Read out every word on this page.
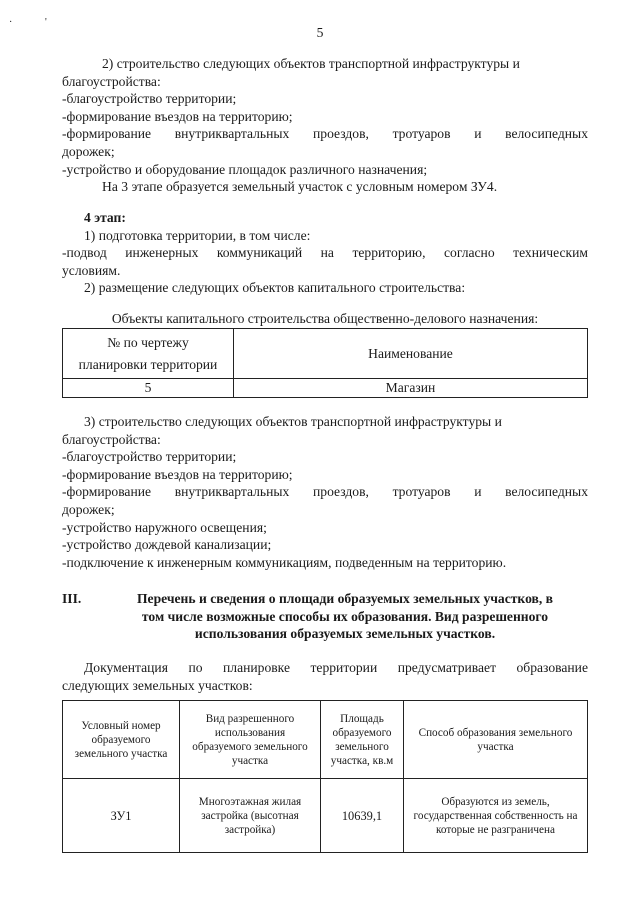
·	'
5
2) строительство следующих объектов транспортной инфраструктуры и
благоустройства:
-благоустройство территории;
-формирование въездов на территорию;
-формирование внутриквартальных проездов, тротуаров и велосипедных
дорожек;
-устройство и оборудование площадок различного назначения;
На 3 этапе образуется земельный участок с условным номером ЗУ4.
4 этап:
1) подготовка территории, в том числе:
-подвод инженерных коммуникаций на территорию, согласно техническим
условиям.
2) размещение следующих объектов капитального строительства:
Объекты капитального строительства общественно-делового назначения:
№ по чертежу
планировки территории	Наименование
5	Магазин
3) строительство следующих объектов транспортной инфраструктуры и
благоустройства:
-благоустройство территории;
-формирование въездов на территорию;
-формирование внутриквартальных проездов, тротуаров и велосипедных
дорожек;
-устройство наружного освещения;
-устройство дождевой канализации;
-подключение к инженерным коммуникациям, подведенным на территорию.
III.	Перечень и сведения о площади образуемых земельных участков, в
том числе возможные способы их образования. Вид разрешенного
использования образуемых земельных участков.
Документация по планировке территории предусматривает образование
следующих земельных участков:
Условный номер образуемого земельного участка	Вид разрешенного использования образуемого земельного участка	Площадь образуемого земельного участка, кв.м	Способ образования земельного участка
ЗУ1	Многоэтажная жилая застройка (высотная застройка)	10639,1	Образуются из земель, государственная собственность на которые не разграничена
